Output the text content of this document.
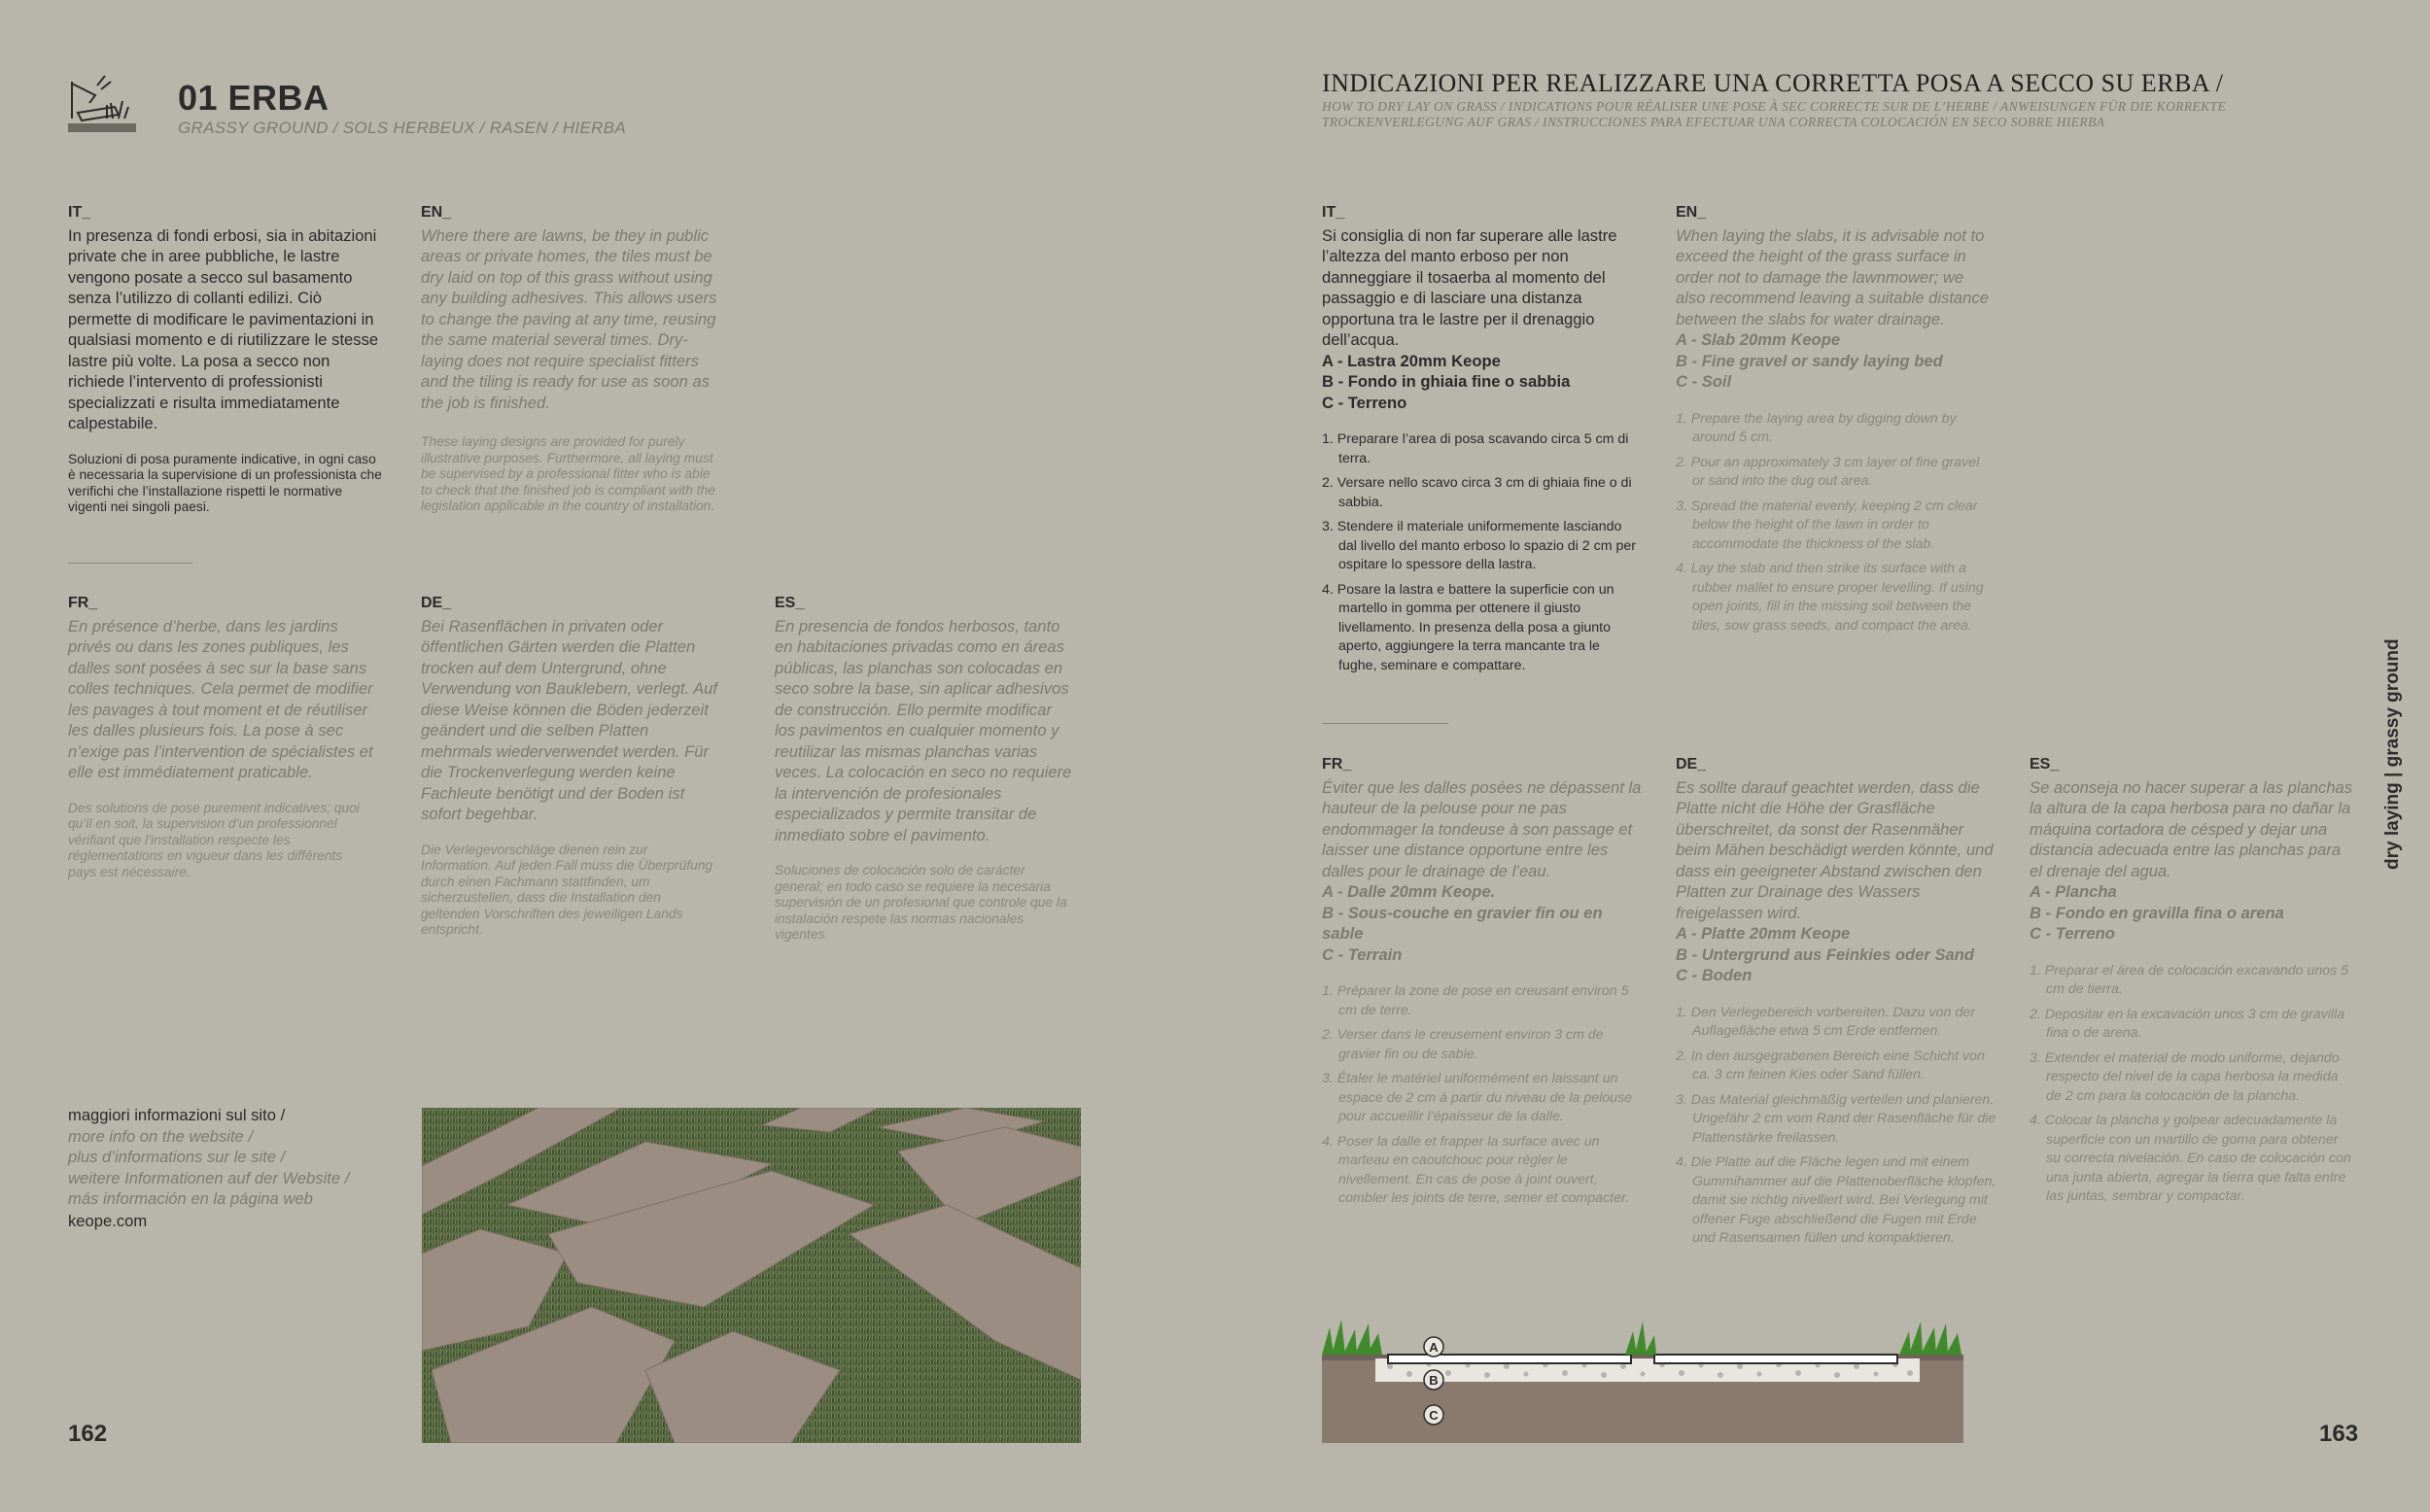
01 ERBA
GRASSY GROUND / SOLS HERBEUX / RASEN / HIERBA
IT_
In presenza di fondi erbosi, sia in abitazioni private che in aree pubbliche, le lastre vengono posate a secco sul basamento senza l’utilizzo di collanti edilizi. Ciò permette di modificare le pavimentazioni in qualsiasi momento e di riutilizzare le stesse lastre più volte. La posa a secco non richiede l’intervento di professionisti specializzati e risulta immediatamente calpestabile.
Soluzioni di posa puramente indicative, in ogni caso è necessaria la supervisione di un professionista che verifichi che l’installazione rispetti le normative vigenti nei singoli paesi.
EN_
Where there are lawns, be they in public areas or private homes, the tiles must be dry laid on top of this grass without using any building adhesives. This allows users to change the paving at any time, reusing the same material several times. Dry-laying does not require specialist fitters and the tiling is ready for use as soon as the job is finished.
These laying designs are provided for purely illustrative purposes. Furthermore, all laying must be supervised by a professional fitter who is able to check that the finished job is compliant with the legislation applicable in the country of installation.
FR_
En présence d’herbe, dans les jardins privés ou dans les zones publiques, les dalles sont posées à sec sur la base sans colles techniques. Cela permet de modifier les pavages à tout moment et de réutiliser les dalles plusieurs fois. La pose à sec n’exige pas l’intervention de spécialistes et elle est immédiatement praticable.
Des solutions de pose purement indicatives; quoi qu’il en soit, la supervision d’un professionnel vérifiant que l’installation respecte les réglementations en vigueur dans les différents pays est nécessaire.
DE_
Bei Rasenflächen in privaten oder öffentlichen Gärten werden die Platten trocken auf dem Untergrund, ohne Verwendung von Bauklebern, verlegt. Auf diese Weise können die Böden jederzeit geändert und die selben Platten mehrmals wiederverwendet werden. Für die Trockenverlegung werden keine Fachleute benötigt und der Boden ist sofort begehbar.
Die Verlegevorschläge dienen rein zur Information. Auf jeden Fall muss die Überprüfung durch einen Fachmann stattfinden, um sicherzustellen, dass die Installation den geltenden Vorschriften des jeweiligen Lands entspricht.
ES_
En presencia de fondos herbosos, tanto en habitaciones privadas como en áreas públicas, las planchas son colocadas en seco sobre la base, sin aplicar adhesivos de construcción. Ello permite modificar los pavimentos en cualquier momento y reutilizar las mismas planchas varias veces. La colocación en seco no requiere la intervención de profesionales especializados y permite transitar de inmediato sobre el pavimento.
Soluciones de colocación solo de carácter general; en todo caso se requiere la necesaria supervisión de un profesional que controle que la instalación respete las normas nacionales vigentes.
maggiori informazioni sul sito /
more info on the website /
plus d’informations sur le site /
weitere Informationen auf der Website /
más información en la página web
keope.com
162
INDICAZIONI PER REALIZZARE UNA CORRETTA POSA A SECCO SU ERBA /
HOW TO DRY LAY ON GRASS / INDICATIONS POUR RÉALISER UNE POSE À SEC CORRECTE SUR DE L’HERBE / ANWEISUNGEN FÜR DIE KORREKTE TROCKENVERLEGUNG AUF GRAS / INSTRUCCIONES PARA EFECTUAR UNA CORRECTA COLOCACIÓN EN SECO SOBRE HIERBA
IT_
Si consiglia di non far superare alle lastre l’altezza del manto erboso per non danneggiare il tosaerba al momento del passaggio e di lasciare una distanza opportuna tra le lastre per il drenaggio dell’acqua.
A - Lastra 20mm Keope
B - Fondo in ghiaia fine o sabbia
C - Terreno
1. Preparare l’area di posa scavando circa 5 cm di terra.
2. Versare nello scavo circa 3 cm di ghiaia fine o di sabbia.
3. Stendere il materiale uniformemente lasciando dal livello del manto erboso lo spazio di 2 cm per ospitare lo spessore della lastra.
4. Posare la lastra e battere la superficie con un martello in gomma per ottenere il giusto livellamento. In presenza della posa a giunto aperto, aggiungere la terra mancante tra le fughe, seminare e compattare.
EN_
When laying the slabs, it is advisable not to exceed the height of the grass surface in order not to damage the lawnmower; we also recommend leaving a suitable distance between the slabs for water drainage.
A - Slab 20mm Keope
B - Fine gravel or sandy laying bed
C - Soil
1. Prepare the laying area by digging down by around 5 cm.
2. Pour an approximately 3 cm layer of fine gravel or sand into the dug out area.
3. Spread the material evenly, keeping 2 cm clear below the height of the lawn in order to accommodate the thickness of the slab.
4. Lay the slab and then strike its surface with a rubber mallet to ensure proper levelling. If using open joints, fill in the missing soil between the tiles, sow grass seeds, and compact the area.
FR_
Éviter que les dalles posées ne dépassent la hauteur de la pelouse pour ne pas endommager la tondeuse à son passage et laisser une distance opportune entre les dalles pour le drainage de l’eau.
A - Dalle 20mm Keope.
B - Sous-couche en gravier fin ou en sable
C - Terrain
1. Préparer la zone de pose en creusant environ 5 cm de terre.
2. Verser dans le creusement environ 3 cm de gravier fin ou de sable.
3. Étaler le matériel uniformément en laissant un espace de 2 cm à partir du niveau de la pelouse pour accueillir l’épaisseur de la dalle.
4. Poser la dalle et frapper la surface avec un marteau en caoutchouc pour régler le nivellement. En cas de pose à joint ouvert, combler les joints de terre, semer et compacter.
DE_
Es sollte darauf geachtet werden, dass die Platte nicht die Höhe der Grasfläche überschreitet, da sonst der Rasenmäher beim Mähen beschädigt werden könnte, und dass ein geeigneter Abstand zwischen den Platten zur Drainage des Wassers freigelassen wird.
A - Platte 20mm Keope
B - Untergrund aus Feinkies oder Sand
C - Boden
1. Den Verlegebereich vorbereiten. Dazu von der Auflagefläche etwa 5 cm Erde entfernen.
2. In den ausgegrabenen Bereich eine Schicht von ca. 3 cm feinen Kies oder Sand füllen.
3. Das Material gleichmäßig verteilen und planieren. Ungefähr 2 cm vom Rand der Rasenfläche für die Plattenstärke freilassen.
4. Die Platte auf die Fläche legen und mit einem Gummihammer auf die Plattenoberfläche klopfen, damit sie richtig nivelliert wird. Bei Verlegung mit offener Fuge abschließend die Fugen mit Erde und Rasensamen füllen und kompaktieren.
ES_
Se aconseja no hacer superar a las planchas la altura de la capa herbosa para no dañar la máquina cortadora de césped y dejar una distancia adecuada entre las planchas para el drenaje del agua.
A - Plancha
B - Fondo en gravilla fina o arena
C - Terreno
1. Preparar el área de colocación excavando unos 5 cm de tierra.
2. Depositar en la excavación unos 3 cm de gravilla fina o de arena.
3. Extender el material de modo uniforme, dejando respecto del nivel de la capa herbosa la medida de 2 cm para la colocación de la plancha.
4. Colocar la plancha y golpear adecuadamente la superficie con un martillo de goma para obtener su correcta nivelación. En caso de colocación con una junta abierta, agregar la tierra que falta entre las juntas, sembrar y compactar.
A
B
C
dry laying | grassy ground
163
